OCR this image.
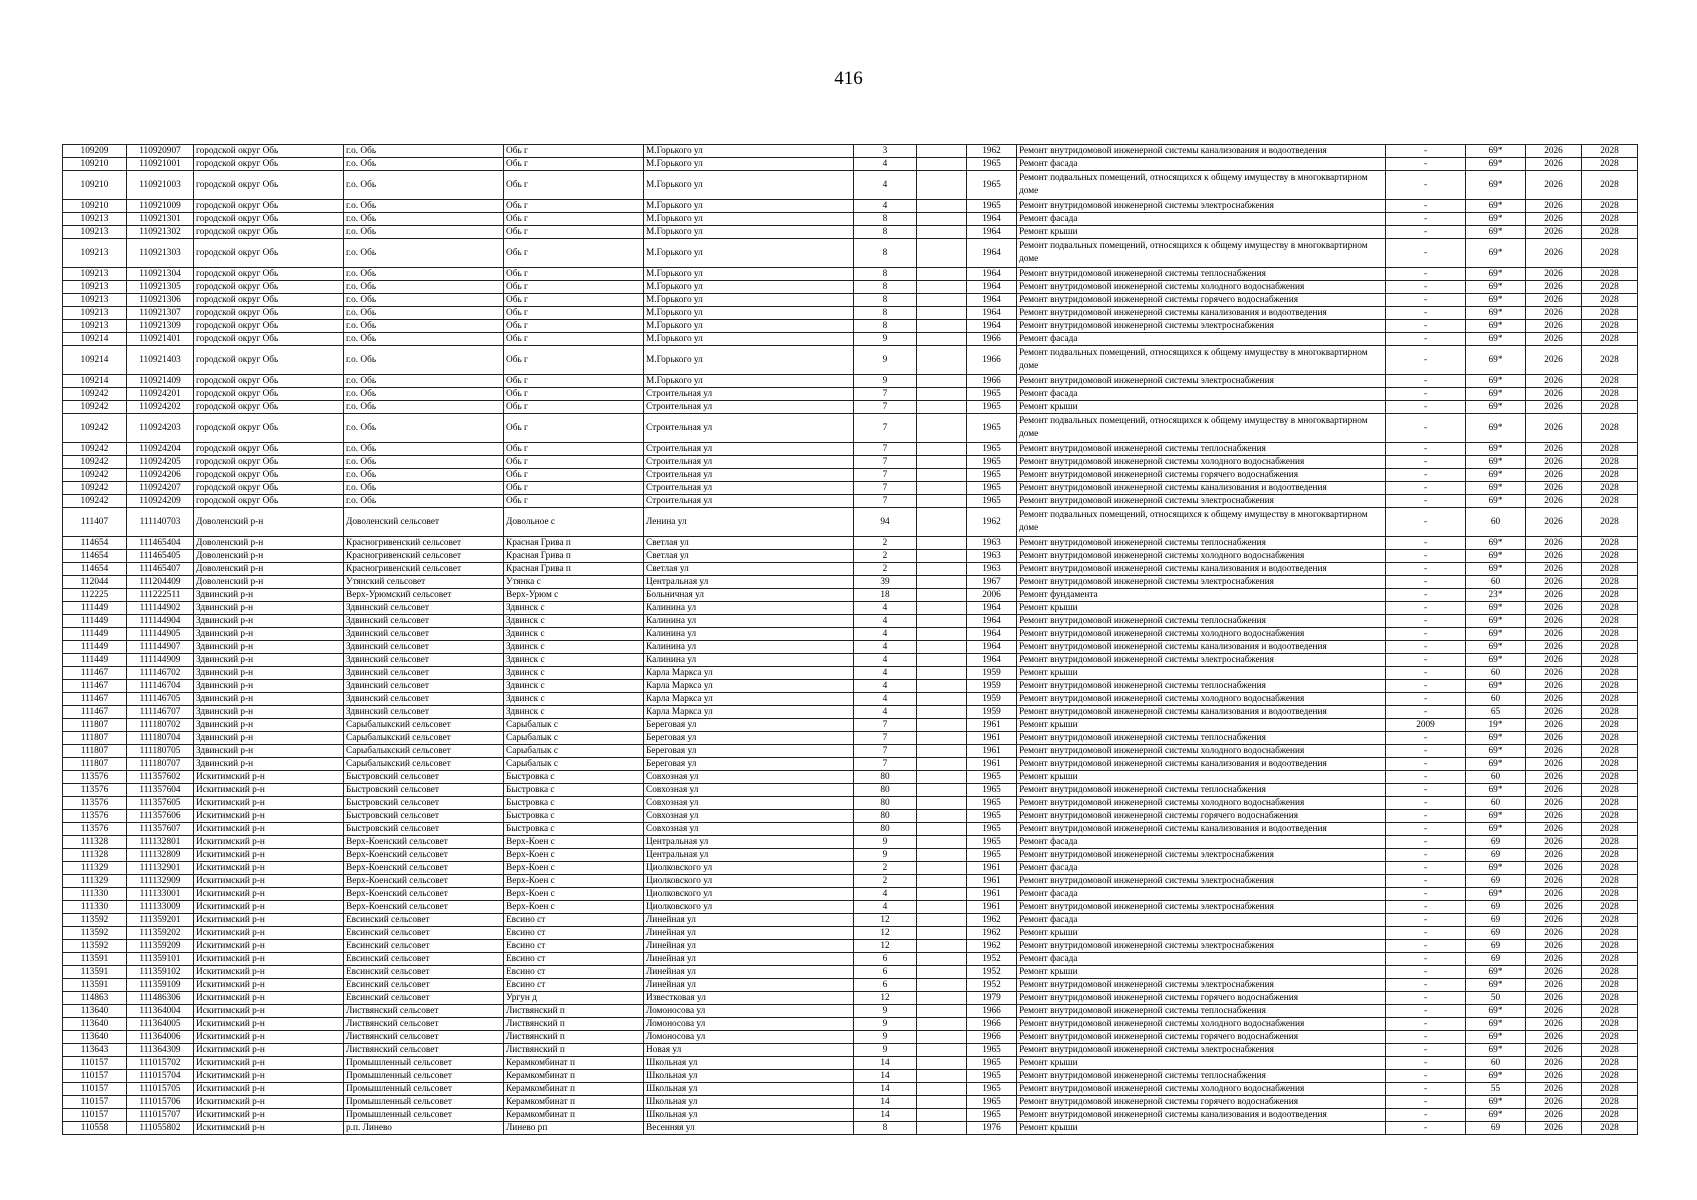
416
109209	110920907	городской округ Обь	г.о. Обь	Обь г	М.Горького ул	3		1962	Ремонт внутридомовой инженерной системы канализования и водоотведения	-	69*	2026	2028
109210	110921001	городской округ Обь	г.о. Обь	Обь г	М.Горького ул	4		1965	Ремонт фасада	-	69*	2026	2028
109210	110921003	городской округ Обь	г.о. Обь	Обь г	М.Горького ул	4		1965	Ремонт подвальных помещений, относящихся к общему имуществу в многоквартирном доме	-	69*	2026	2028
109210	110921009	городской округ Обь	г.о. Обь	Обь г	М.Горького ул	4		1965	Ремонт внутридомовой инженерной системы электроснабжения	-	69*	2026	2028
109213	110921301	городской округ Обь	г.о. Обь	Обь г	М.Горького ул	8		1964	Ремонт фасада	-	69*	2026	2028
109213	110921302	городской округ Обь	г.о. Обь	Обь г	М.Горького ул	8		1964	Ремонт крыши	-	69*	2026	2028
109213	110921303	городской округ Обь	г.о. Обь	Обь г	М.Горького ул	8		1964	Ремонт подвальных помещений, относящихся к общему имуществу в многоквартирном доме	-	69*	2026	2028
109213	110921304	городской округ Обь	г.о. Обь	Обь г	М.Горького ул	8		1964	Ремонт внутридомовой инженерной системы теплоснабжения	-	69*	2026	2028
109213	110921305	городской округ Обь	г.о. Обь	Обь г	М.Горького ул	8		1964	Ремонт внутридомовой инженерной системы холодного водоснабжения	-	69*	2026	2028
109213	110921306	городской округ Обь	г.о. Обь	Обь г	М.Горького ул	8		1964	Ремонт внутридомовой инженерной системы горячего водоснабжения	-	69*	2026	2028
109213	110921307	городской округ Обь	г.о. Обь	Обь г	М.Горького ул	8		1964	Ремонт внутридомовой инженерной системы канализования и водоотведения	-	69*	2026	2028
109213	110921309	городской округ Обь	г.о. Обь	Обь г	М.Горького ул	8		1964	Ремонт внутридомовой инженерной системы электроснабжения	-	69*	2026	2028
109214	110921401	городской округ Обь	г.о. Обь	Обь г	М.Горького ул	9		1966	Ремонт фасада	-	69*	2026	2028
109214	110921403	городской округ Обь	г.о. Обь	Обь г	М.Горького ул	9		1966	Ремонт подвальных помещений, относящихся к общему имуществу в многоквартирном доме	-	69*	2026	2028
109214	110921409	городской округ Обь	г.о. Обь	Обь г	М.Горького ул	9		1966	Ремонт внутридомовой инженерной системы электроснабжения	-	69*	2026	2028
109242	110924201	городской округ Обь	г.о. Обь	Обь г	Строительная ул	7		1965	Ремонт фасада	-	69*	2026	2028
109242	110924202	городской округ Обь	г.о. Обь	Обь г	Строительная ул	7		1965	Ремонт крыши	-	69*	2026	2028
109242	110924203	городской округ Обь	г.о. Обь	Обь г	Строительная ул	7		1965	Ремонт подвальных помещений, относящихся к общему имуществу в многоквартирном доме	-	69*	2026	2028
109242	110924204	городской округ Обь	г.о. Обь	Обь г	Строительная ул	7		1965	Ремонт внутридомовой инженерной системы теплоснабжения	-	69*	2026	2028
109242	110924205	городской округ Обь	г.о. Обь	Обь г	Строительная ул	7		1965	Ремонт внутридомовой инженерной системы холодного водоснабжения	-	69*	2026	2028
109242	110924206	городской округ Обь	г.о. Обь	Обь г	Строительная ул	7		1965	Ремонт внутридомовой инженерной системы горячего водоснабжения	-	69*	2026	2028
109242	110924207	городской округ Обь	г.о. Обь	Обь г	Строительная ул	7		1965	Ремонт внутридомовой инженерной системы канализования и водоотведения	-	69*	2026	2028
109242	110924209	городской округ Обь	г.о. Обь	Обь г	Строительная ул	7		1965	Ремонт внутридомовой инженерной системы электроснабжения	-	69*	2026	2028
111407	111140703	Доволенский р-н	Доволенский сельсовет	Довольное с	Ленина ул	94		1962	Ремонт подвальных помещений, относящихся к общему имуществу в многоквартирном доме	-	60	2026	2028
114654	111465404	Доволенский р-н	Красногривенский сельсовет	Красная Грива п	Светлая ул	2		1963	Ремонт внутридомовой инженерной системы теплоснабжения	-	69*	2026	2028
114654	111465405	Доволенский р-н	Красногривенский сельсовет	Красная Грива п	Светлая ул	2		1963	Ремонт внутридомовой инженерной системы холодного водоснабжения	-	69*	2026	2028
114654	111465407	Доволенский р-н	Красногривенский сельсовет	Красная Грива п	Светлая ул	2		1963	Ремонт внутридомовой инженерной системы канализования и водоотведения	-	69*	2026	2028
112044	111204409	Доволенский р-н	Утянский сельсовет	Утянка с	Центральная ул	39		1967	Ремонт внутридомовой инженерной системы электроснабжения	-	60	2026	2028
112225	111222511	Здвинский р-н	Верх-Урюмский сельсовет	Верх-Урюм с	Больничная ул	18		2006	Ремонт фундамента	-	23*	2026	2028
111449	111144902	Здвинский р-н	Здвинский сельсовет	Здвинск с	Калинина ул	4		1964	Ремонт крыши	-	69*	2026	2028
111449	111144904	Здвинский р-н	Здвинский сельсовет	Здвинск с	Калинина ул	4		1964	Ремонт внутридомовой инженерной системы теплоснабжения	-	69*	2026	2028
111449	111144905	Здвинский р-н	Здвинский сельсовет	Здвинск с	Калинина ул	4		1964	Ремонт внутридомовой инженерной системы холодного водоснабжения	-	69*	2026	2028
111449	111144907	Здвинский р-н	Здвинский сельсовет	Здвинск с	Калинина ул	4		1964	Ремонт внутридомовой инженерной системы канализования и водоотведения	-	69*	2026	2028
111449	111144909	Здвинский р-н	Здвинский сельсовет	Здвинск с	Калинина ул	4		1964	Ремонт внутридомовой инженерной системы электроснабжения	-	69*	2026	2028
111467	111146702	Здвинский р-н	Здвинский сельсовет	Здвинск с	Карла Маркса ул	4		1959	Ремонт крыши	-	60	2026	2028
111467	111146704	Здвинский р-н	Здвинский сельсовет	Здвинск с	Карла Маркса ул	4		1959	Ремонт внутридомовой инженерной системы теплоснабжения	-	69*	2026	2028
111467	111146705	Здвинский р-н	Здвинский сельсовет	Здвинск с	Карла Маркса ул	4		1959	Ремонт внутридомовой инженерной системы холодного водоснабжения	-	60	2026	2028
111467	111146707	Здвинский р-н	Здвинский сельсовет	Здвинск с	Карла Маркса ул	4		1959	Ремонт внутридомовой инженерной системы канализования и водоотведения	-	65	2026	2028
111807	111180702	Здвинский р-н	Сарыбалыкский сельсовет	Сарыбалык с	Береговая ул	7		1961	Ремонт крыши	2009	19*	2026	2028
111807	111180704	Здвинский р-н	Сарыбалыкский сельсовет	Сарыбалык с	Береговая ул	7		1961	Ремонт внутридомовой инженерной системы теплоснабжения	-	69*	2026	2028
111807	111180705	Здвинский р-н	Сарыбалыкский сельсовет	Сарыбалык с	Береговая ул	7		1961	Ремонт внутридомовой инженерной системы холодного водоснабжения	-	69*	2026	2028
111807	111180707	Здвинский р-н	Сарыбалыкский сельсовет	Сарыбалык с	Береговая ул	7		1961	Ремонт внутридомовой инженерной системы канализования и водоотведения	-	69*	2026	2028
113576	111357602	Искитимский р-н	Быстровский сельсовет	Быстровка с	Совхозная ул	80		1965	Ремонт крыши	-	60	2026	2028
113576	111357604	Искитимский р-н	Быстровский сельсовет	Быстровка с	Совхозная ул	80		1965	Ремонт внутридомовой инженерной системы теплоснабжения	-	69*	2026	2028
113576	111357605	Искитимский р-н	Быстровский сельсовет	Быстровка с	Совхозная ул	80		1965	Ремонт внутридомовой инженерной системы холодного водоснабжения	-	60	2026	2028
113576	111357606	Искитимский р-н	Быстровский сельсовет	Быстровка с	Совхозная ул	80		1965	Ремонт внутридомовой инженерной системы горячего водоснабжения	-	69*	2026	2028
113576	111357607	Искитимский р-н	Быстровский сельсовет	Быстровка с	Совхозная ул	80		1965	Ремонт внутридомовой инженерной системы канализования и водоотведения	-	69*	2026	2028
111328	111132801	Искитимский р-н	Верх-Коенский сельсовет	Верх-Коен с	Центральная ул	9		1965	Ремонт фасада	-	69	2026	2028
111328	111132809	Искитимский р-н	Верх-Коенский сельсовет	Верх-Коен с	Центральная ул	9		1965	Ремонт внутридомовой инженерной системы электроснабжения	-	69	2026	2028
111329	111132901	Искитимский р-н	Верх-Коенский сельсовет	Верх-Коен с	Циолковского ул	2		1961	Ремонт фасада	-	69*	2026	2028
111329	111132909	Искитимский р-н	Верх-Коенский сельсовет	Верх-Коен с	Циолковского ул	2		1961	Ремонт внутридомовой инженерной системы электроснабжения	-	69	2026	2028
111330	111133001	Искитимский р-н	Верх-Коенский сельсовет	Верх-Коен с	Циолковского ул	4		1961	Ремонт фасада	-	69*	2026	2028
111330	111133009	Искитимский р-н	Верх-Коенский сельсовет	Верх-Коен с	Циолковского ул	4		1961	Ремонт внутридомовой инженерной системы электроснабжения	-	69	2026	2028
113592	111359201	Искитимский р-н	Евсинский сельсовет	Евсино ст	Линейная ул	12		1962	Ремонт фасада	-	69	2026	2028
113592	111359202	Искитимский р-н	Евсинский сельсовет	Евсино ст	Линейная ул	12		1962	Ремонт крыши	-	69	2026	2028
113592	111359209	Искитимский р-н	Евсинский сельсовет	Евсино ст	Линейная ул	12		1962	Ремонт внутридомовой инженерной системы электроснабжения	-	69	2026	2028
113591	111359101	Искитимский р-н	Евсинский сельсовет	Евсино ст	Линейная ул	6		1952	Ремонт фасада	-	69	2026	2028
113591	111359102	Искитимский р-н	Евсинский сельсовет	Евсино ст	Линейная ул	6		1952	Ремонт крыши	-	69*	2026	2028
113591	111359109	Искитимский р-н	Евсинский сельсовет	Евсино ст	Линейная ул	6		1952	Ремонт внутридомовой инженерной системы электроснабжения	-	69*	2026	2028
114863	111486306	Искитимский р-н	Евсинский сельсовет	Ургун д	Известковая ул	12		1979	Ремонт внутридомовой инженерной системы горячего водоснабжения	-	50	2026	2028
113640	111364004	Искитимский р-н	Листвянский сельсовет	Листвянский п	Ломоносова ул	9		1966	Ремонт внутридомовой инженерной системы теплоснабжения	-	69*	2026	2028
113640	111364005	Искитимский р-н	Листвянский сельсовет	Листвянский п	Ломоносова ул	9		1966	Ремонт внутридомовой инженерной системы холодного водоснабжения	-	69*	2026	2028
113640	111364006	Искитимский р-н	Листвянский сельсовет	Листвянский п	Ломоносова ул	9		1966	Ремонт внутридомовой инженерной системы горячего водоснабжения	-	69*	2026	2028
113643	111364309	Искитимский р-н	Листвянский сельсовет	Листвянский п	Новая ул	9		1965	Ремонт внутридомовой инженерной системы электроснабжения	-	69*	2026	2028
110157	111015702	Искитимский р-н	Промышленный сельсовет	Керамкомбинат п	Школьная ул	14		1965	Ремонт крыши	-	60	2026	2028
110157	111015704	Искитимский р-н	Промышленный сельсовет	Керамкомбинат п	Школьная ул	14		1965	Ремонт внутридомовой инженерной системы теплоснабжения	-	69*	2026	2028
110157	111015705	Искитимский р-н	Промышленный сельсовет	Керамкомбинат п	Школьная ул	14		1965	Ремонт внутридомовой инженерной системы холодного водоснабжения	-	55	2026	2028
110157	111015706	Искитимский р-н	Промышленный сельсовет	Керамкомбинат п	Школьная ул	14		1965	Ремонт внутридомовой инженерной системы горячего водоснабжения	-	69*	2026	2028
110157	111015707	Искитимский р-н	Промышленный сельсовет	Керамкомбинат п	Школьная ул	14		1965	Ремонт внутридомовой инженерной системы канализования и водоотведения	-	69*	2026	2028
110558	111055802	Искитимский р-н	р.п. Линево	Линево рп	Весенняя ул	8		1976	Ремонт крыши	-	69	2026	2028
